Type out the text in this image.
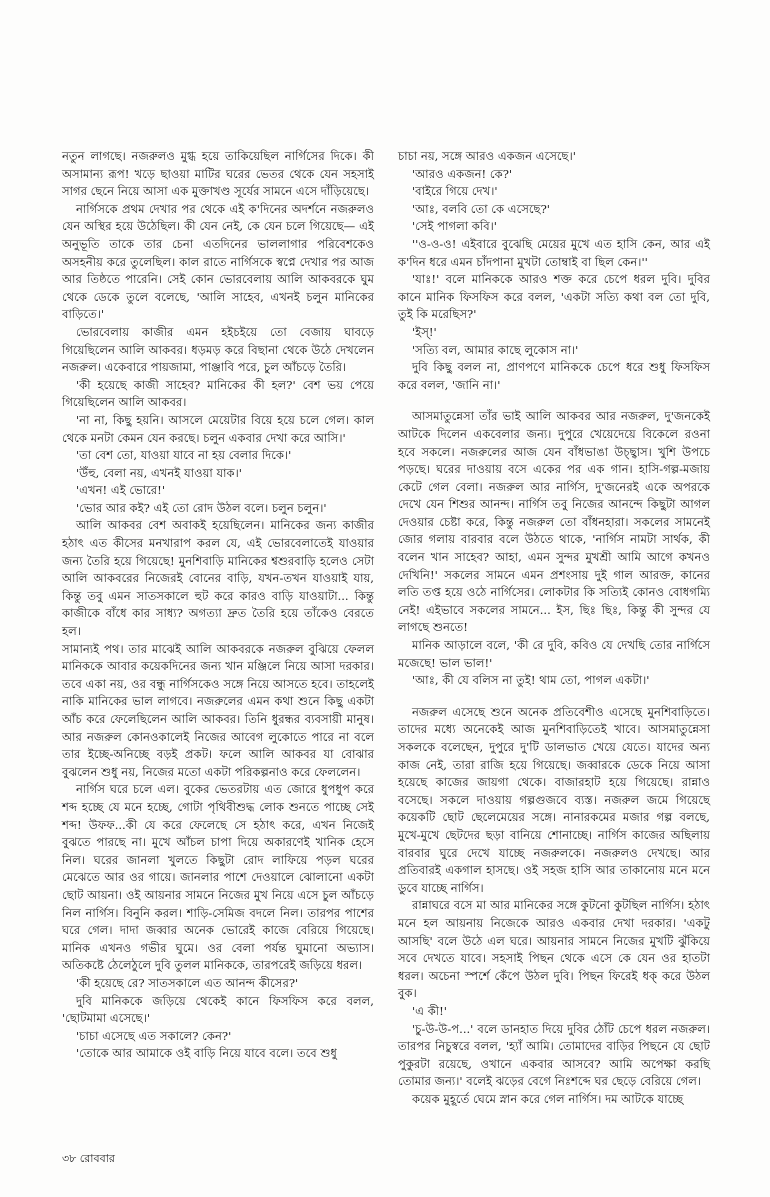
নতুন লাগছে। নজরুলও মুগ্ধ হয়ে তাকিয়েছিল নার্গিসের দিকে। কী অসামান্য রূপ! খড়ে ছাওয়া মাটির ঘরের ভেতর থেকে যেন সহসাই সাগর ছেনে নিয়ে আসা এক মুক্তাখণ্ড সূর্যের সামনে এসে দাঁড়িয়েছে।

নার্গিসকে প্রথম দেখার পর থেকে এই ক'দিনের অদর্শনে নজরুলও যেন অস্থির হয়ে উঠেছিল। কী যেন নেই, কে যেন চলে গিয়েছে— এই অনুভূতি তাকে তার চেনা এতদিনের ভাললাগার পরিবেশকেও অসহনীয় করে তুলেছিল। কাল রাতে নার্গিসকে স্বপ্নে দেখার পর আজ আর তিষ্ঠতে পারেনি। সেই কোন ভোরবেলায় আলি আকবরকে ঘুম থেকে ডেকে তুলে বলেছে, 'আলি সাহেব, এখনই চলুন মানিকের বাড়িতে।'

ভোরবেলায় কাজীর এমন হইচইয়ে তো বেজায় ঘাবড়ে গিয়েছিলেন আলি আকবর। ধড়মড় করে বিছানা থেকে উঠে দেখলেন নজরুল। একেবারে পায়জামা, পাঞ্জাবি পরে, চুল আঁচড়ে তৈরি।

'কী হয়েছে কাজী সাহেব? মানিকের কী হল?' বেশ ভয় পেয়ে গিয়েছিলেন আলি আকবর।

'না না, কিছু হয়নি। আসলে মেয়েটার বিয়ে হয়ে চলে গেল। কাল থেকে মনটা কেমন যেন করছে। চলুন একবার দেখা করে আসি।'

'তা বেশ তো, যাওয়া যাবে না হয় বেলার দিকে।'

'উঁহু, বেলা নয়, এখনই যাওয়া যাক।'

'এখন! এই ভোরে!'

'ভোর আর কই? এই তো রোদ উঠল বলে। চলুন চলুন।'

আলি আকবর বেশ অবাকই হয়েছিলেন। মানিকের জন্য কাজীর হঠাৎ এত কীসের মনখারাপ করল যে, এই ভোরবেলাতেই যাওয়ার জন্য তৈরি হয়ে গিয়েছে! মুনশিবাড়ি মানিকের শ্বশুরবাড়ি হলেও সেটা আলি আকবরের নিজেরই বোনের বাড়ি, যখন-তখন যাওয়াই যায়, কিন্তু তবু এমন সাতসকালে হুট করে কারও বাড়ি যাওয়াটা... কিন্তু কাজীকে বাঁধে কার সাধ্য? অগত্যা দ্রুত তৈরি হয়ে তাঁকেও বেরতে হল।

সামান্যই পথ। তার মাঝেই আলি আকবরকে নজরুল বুঝিয়ে ফেলল মানিককে আবার কয়েকদিনের জন্য খান মঞ্জিলে নিয়ে আসা দরকার। তবে একা নয়, ওর বন্ধু নার্গিসকেও সঙ্গে নিয়ে আসতে হবে। তাহলেই নাকি মানিকের ভাল লাগবে। নজরুলের এমন কথা শুনে কিছু একটা আঁচ করে ফেলেছিলেন আলি আকবর। তিনি ধুরন্ধর ব্যবসায়ী মানুষ। আর নজরুল কোনওকালেই নিজের আবেগ লুকোতে পারে না বলে তার ইচ্ছে-অনিচ্ছে বড়ই প্রকট। ফলে আলি আকবর যা বোঝার বুঝলেন শুধু নয়, নিজের মতো একটা পরিকল্পনাও করে ফেললেন।

নার্গিস ঘরে চলে এল। বুকের ভেতরটায় এত জোরে ধুপধুপ করে শব্দ হচ্ছে যে মনে হচ্ছে, গোটা পৃথিবীশুদ্ধ লোক শুনতে পাচ্ছে সেই শব্দ! উফফ...কী যে করে ফেলেছে সে হঠাৎ করে, এখন নিজেই বুঝতে পারছে না। মুখে আঁচল চাপা দিয়ে অকারণেই খানিক হেসে নিল। ঘরের জানলা খুলতে কিছুটা রোদ লাফিয়ে পড়ল ঘরের মেঝেতে আর ওর গায়ে। জানলার পাশে দেওয়ালে ঝোলানো একটা ছোট আয়না। ওই আয়নার সামনে নিজের মুখ নিয়ে এসে চুল আঁচড়ে নিল নার্গিস। বিনুনি করল। শাড়ি-সেমিজ বদলে নিল। তারপর পাশের ঘরে গেল। দাদা জব্বার অনেক ভোরেই কাজে বেরিয়ে গিয়েছে। মানিক এখনও গভীর ঘুমে। ওর বেলা পর্যন্ত ঘুমানো অভ্যাস। অতিকষ্টে ঠেলেঠুলে দুবি তুলল মানিককে, তারপরেই জড়িয়ে ধরল।

'কী হয়েছে রে? সাতসকালে এত আনন্দ কীসের?'

দুবি মানিককে জড়িয়ে থেকেই কানে ফিসফিস করে বলল, 'ছোটমামা এসেছে।'

'চাচা এসেছে এত সকালে? কেন?'

'তোকে আর আমাকে ওই বাড়ি নিয়ে যাবে বলে। তবে শুধু

চাচা নয়, সঙ্গে আরও একজন এসেছে।'

'আরও একজন! কে?'

'বাইরে গিয়ে দেখ।'

'আঃ, বলবি তো কে এসেছে?'

'সেই পাগলা কবি।'

''ও-ও-ও! এইবারে বুঝেছি মেয়ের মুখে এত হাসি কেন, আর এই ক'দিন ধরে এমন চাঁদপানা মুখটা তোম্বাই বা ছিল কেন।''

'যাঃ!' বলে মানিককে আরও শক্ত করে চেপে ধরল দুবি। দুবির কানে মানিক ফিসফিস করে বলল, 'একটা সত্যি কথা বল তো দুবি, তুই কি মরেছিস?'

'ইস্!'

'সত্যি বল, আমার কাছে লুকোস না।'

দুবি কিছু বলল না, প্রাণপণে মানিককে চেপে ধরে শুধু ফিসফিস করে বলল, 'জানি না।'

আসমাতুন্নেসা তাঁর ভাই আলি আকবর আর নজরুল, দু'জনকেই আটকে দিলেন একবেলার জন্য। দুপুরে খেয়েদেয়ে বিকেলে রওনা হবে সকলে। নজরুলের আজ যেন বাঁধভাঙা উচ্ছ্বাস। খুশি উপচে পড়ছে। ঘরের দাওয়ায় বসে একের পর এক গান। হাসি-গল্প-মজায় কেটে গেল বেলা। নজরুল আর নার্গিস, দু'জনেরই একে অপরকে দেখে যেন শিশুর আনন্দ। নার্গিস তবু নিজের আনন্দে কিছুটা আগল দেওয়ার চেষ্টা করে, কিন্তু নজরুল তো বাঁধনহারা। সকলের সামনেই জোর গলায় বারবার বলে উঠতে থাকে, 'নার্গিস নামটা সার্থক, কী বলেন খান সাহেব? আহা, এমন সুন্দর মুখশ্রী আমি আগে কখনও দেখিনি!' সকলের সামনে এমন প্রশংসায় দুই গাল আরক্ত, কানের লতি তপ্ত হয়ে ওঠে নার্গিসের। লোকটার কি সত্যিই কোনও বোধগম্যি নেই! এইভাবে সকলের সামনে... ইস, ছিঃ ছিঃ, কিন্তু কী সুন্দর যে লাগছে শুনতে!

মানিক আড়ালে বলে, 'কী রে দুবি, কবিও যে দেখছি তোর নার্গিসে মজেছে! ভাল ভাল!'

'আঃ, কী যে বলিস না তুই! থাম তো, পাগল একটা।'

নজরুল এসেছে শুনে অনেক প্রতিবেশীও এসেছে মুনশিবাড়িতে। তাদের মধ্যে অনেকেই আজ মুনশিবাড়িতেই খাবে। আসমাতুন্নেসা সকলকে বলেছেন, দুপুরে দু'টি ডালভাত খেয়ে যেতে। যাদের অন্য কাজ নেই, তারা রাজি হয়ে গিয়েছে। জব্বারকে ডেকে নিয়ে আসা হয়েছে কাজের জায়গা থেকে। বাজারহাট হয়ে গিয়েছে। রান্নাও বসেছে। সকলে দাওয়ায় গল্পগুজবে ব্যস্ত। নজরুল জমে গিয়েছে কয়েকটি ছোট ছেলেমেয়ের সঙ্গে। নানারকমের মজার গল্প বলছে, মুখে-মুখে ছেটদের ছড়া বানিয়ে শোনাচ্ছে। নার্গিস কাজের অছিলায় বারবার ঘুরে দেখে যাচ্ছে নজরুলকে। নজরুলও দেখছে। আর প্রতিবারই একগাল হাসছে। ওই সহজ হাসি আর তাকানোয় মনে মনে ডুবে যাচ্ছে নার্গিস।

রান্নাঘরে বসে মা আর মানিকের সঙ্গে কুটনো কুটছিল নার্গিস। হঠাৎ মনে হল আয়নায় নিজেকে আরও একবার দেখা দরকার। 'একটু আসছি' বলে উঠে এল ঘরে। আয়নার সামনে নিজের মুখটি ঝুঁকিয়ে সবে দেখতে যাবে। সহসাই পিছন থেকে এসে কে যেন ওর হাতটা ধরল। অচেনা স্পর্শে কেঁপে উঠল দুবি। পিছন ফিরেই ধক্ করে উঠল বুক।

'এ কী!'

'চু-উ-উ-প...' বলে ডানহাত দিয়ে দুবির ঠোঁট চেপে ধরল নজরুল। তারপর নিচুস্বরে বলল, 'হ্যাঁ আমি। তোমাদের বাড়ির পিছনে যে ছোট পুকুরটা রয়েছে, ওখানে একবার আসবে? আমি অপেক্ষা করছি তোমার জন্য।' বলেই ঝড়ের বেগে নিঃশব্দে ঘর ছেড়ে বেরিয়ে গেল।

কয়েক মুহূর্তে ঘেমে স্নান করে গেল নার্গিস। দম আটকে যাচ্ছে

৩৮ রোববার
